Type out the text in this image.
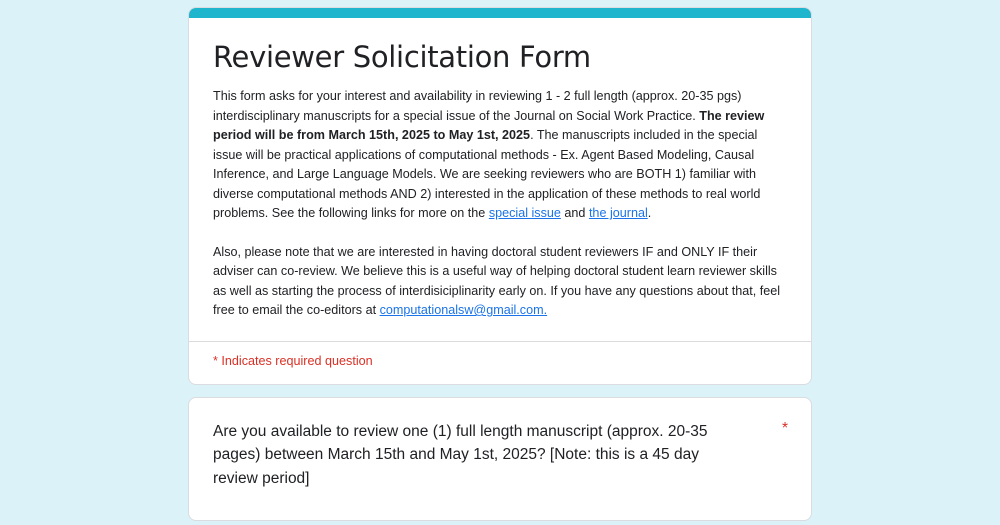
Reviewer Solicitation Form

This form asks for your interest and availability in reviewing 1 - 2 full length (approx. 20-35 pgs) interdisciplinary manuscripts for a special issue of the Journal on Social Work Practice. The review period will be from March 15th, 2025 to May 1st, 2025. The manuscripts included in the special issue will be practical applications of computational methods - Ex. Agent Based Modeling, Causal Inference, and Large Language Models. We are seeking reviewers who are BOTH 1) familiar with diverse computational methods AND 2) interested in the application of these methods to real world problems. See the following links for more on the special issue and the journal.

Also, please note that we are interested in having doctoral student reviewers IF and ONLY IF their adviser can co-review. We believe this is a useful way of helping doctoral student learn reviewer skills as well as starting the process of interdisiciplinarity early on. If you have any questions about that, feel free to email the co-editors at computationalsw@gmail.com.

* Indicates required question

Are you available to review one (1) full length manuscript (approx. 20-35 pages) between March 15th and May 1st, 2025? [Note: this is a 45 day review period]

*
